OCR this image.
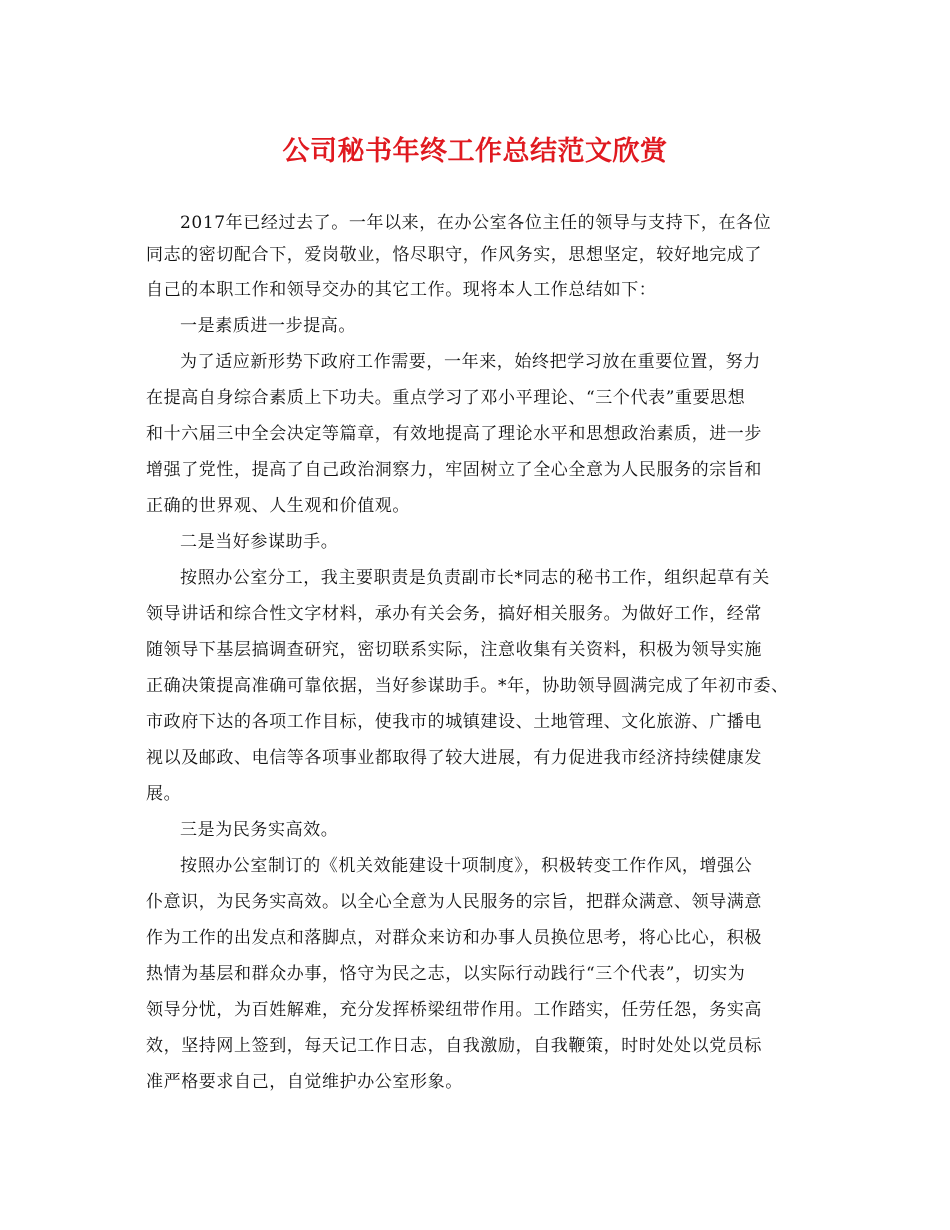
公司秘书年终工作总结范文欣赏

2017年已经过去了。一年以来，在办公室各位主任的领导与支持下，在各位

同志的密切配合下，爱岗敬业，恪尽职守，作风务实，思想坚定，较好地完成了

自己的本职工作和领导交办的其它工作。现将本人工作总结如下：

一是素质进一步提高。

为了适应新形势下政府工作需要，一年来，始终把学习放在重要位置，努力

在提高自身综合素质上下功夫。重点学习了邓小平理论、“三个代表”重要思想

和十六届三中全会决定等篇章，有效地提高了理论水平和思想政治素质，进一步

增强了党性，提高了自己政治洞察力，牢固树立了全心全意为人民服务的宗旨和

正确的世界观、人生观和价值观。

二是当好参谋助手。

按照办公室分工，我主要职责是负责副市长*同志的秘书工作，组织起草有关

领导讲话和综合性文字材料，承办有关会务，搞好相关服务。为做好工作，经常

随领导下基层搞调查研究，密切联系实际，注意收集有关资料，积极为领导实施

正确决策提高准确可靠依据，当好参谋助手。*年，协助领导圆满完成了年初市委、

市政府下达的各项工作目标，使我市的城镇建设、土地管理、文化旅游、广播电

视以及邮政、电信等各项事业都取得了较大进展，有力促进我市经济持续健康发

展。

三是为民务实高效。

按照办公室制订的《机关效能建设十项制度》，积极转变工作作风，增强公

仆意识，为民务实高效。以全心全意为人民服务的宗旨，把群众满意、领导满意

作为工作的出发点和落脚点，对群众来访和办事人员换位思考，将心比心，积极

热情为基层和群众办事，恪守为民之志，以实际行动践行“三个代表”，切实为

领导分忧，为百姓解难，充分发挥桥梁纽带作用。工作踏实，任劳任怨，务实高

效，坚持网上签到，每天记工作日志，自我激励，自我鞭策，时时处处以党员标

准严格要求自己，自觉维护办公室形象。
